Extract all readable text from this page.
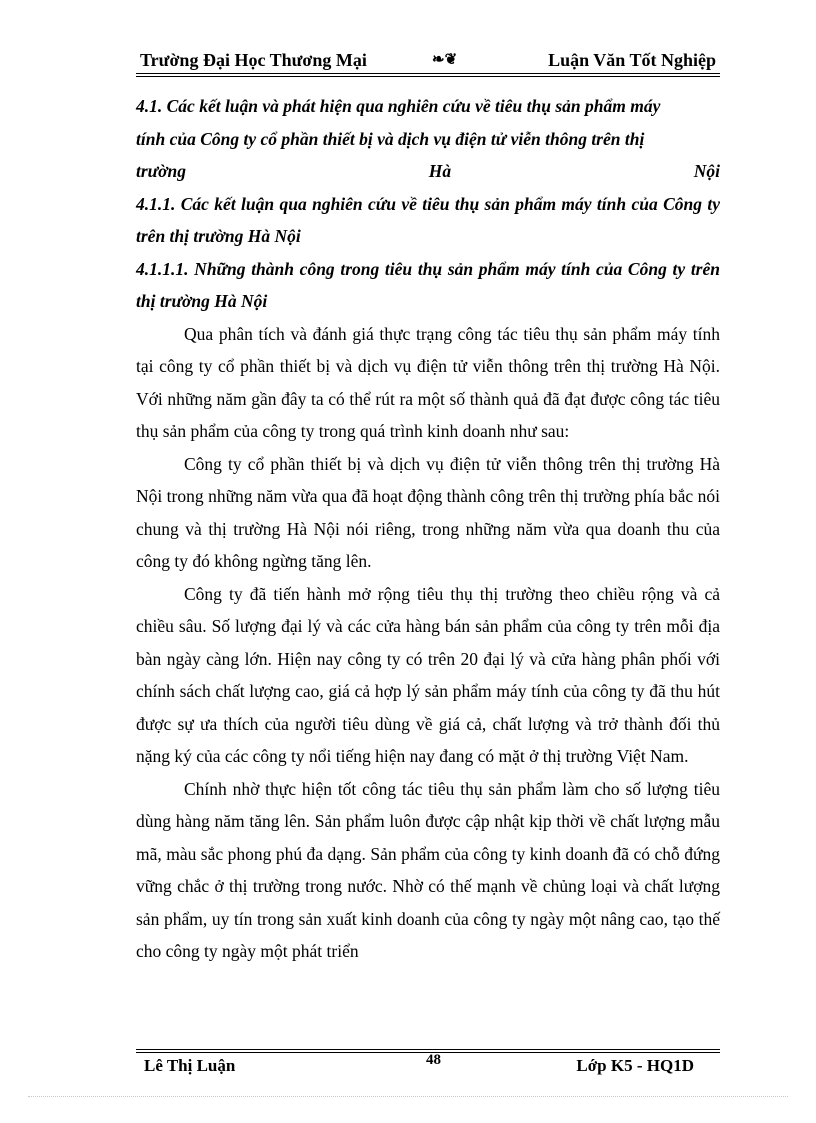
Trường Đại Học Thương Mại	❧❦	Luận Văn Tốt Nghiệp

4.1. Các kết luận và phát hiện qua nghiên cứu về tiêu thụ sản phẩm máy
tính của Công ty cổ phần thiết bị và dịch vụ điện tử viễn thông trên thị

trường Hà Nội

4.1.1. Các kết luận qua nghiên cứu về tiêu thụ sản phẩm máy tính của Công ty trên thị trường Hà Nội

4.1.1.1. Những thành công trong tiêu thụ sản phẩm máy tính của Công ty trên thị trường Hà Nội

Qua phân tích và đánh giá thực trạng công tác tiêu thụ sản phẩm máy tính tại công ty cổ phần thiết bị và dịch vụ điện tử viễn thông trên thị trường Hà Nội. Với những năm gần đây ta có thể rút ra một số thành quả đã đạt được công tác tiêu thụ sản phẩm của công ty trong quá trình kinh doanh như sau:

Công ty cổ phần thiết bị và dịch vụ điện tử viễn thông trên thị trường Hà Nội trong những năm vừa qua đã hoạt động thành công trên thị trường phía bắc nói chung và thị trường Hà Nội nói riêng, trong những năm vừa qua doanh thu của công ty đó không ngừng tăng lên.

Công ty đã tiến hành mở rộng tiêu thụ thị trường theo chiều rộng và cả chiều sâu. Số lượng đại lý và các cửa hàng bán sản phẩm của công ty trên mỗi địa bàn ngày càng lớn. Hiện nay công ty có trên 20 đại lý và cửa hàng phân phối với chính sách chất lượng cao, giá cả hợp lý sản phẩm máy tính của công ty đã thu hút được sự ưa thích của người tiêu dùng về giá cả, chất lượng và trở thành đối thủ nặng ký của các công ty nổi tiếng hiện nay đang có mặt ở thị trường Việt Nam.

Chính nhờ thực hiện tốt công tác tiêu thụ sản phẩm làm cho số lượng tiêu dùng hàng năm tăng lên. Sản phẩm luôn được cập nhật kịp thời về chất lượng mẫu mã, màu sắc phong phú đa dạng. Sản phẩm của công ty kinh doanh đã có chỗ đứng vững chắc ở thị trường trong nước. Nhờ có thế mạnh về chủng loại và chất lượng sản phẩm, uy tín trong sản xuất kinh doanh của công ty ngày một nâng cao, tạo thế cho công ty ngày một phát triển

Lê Thị Luận	48	Lớp K5 - HQ1D
